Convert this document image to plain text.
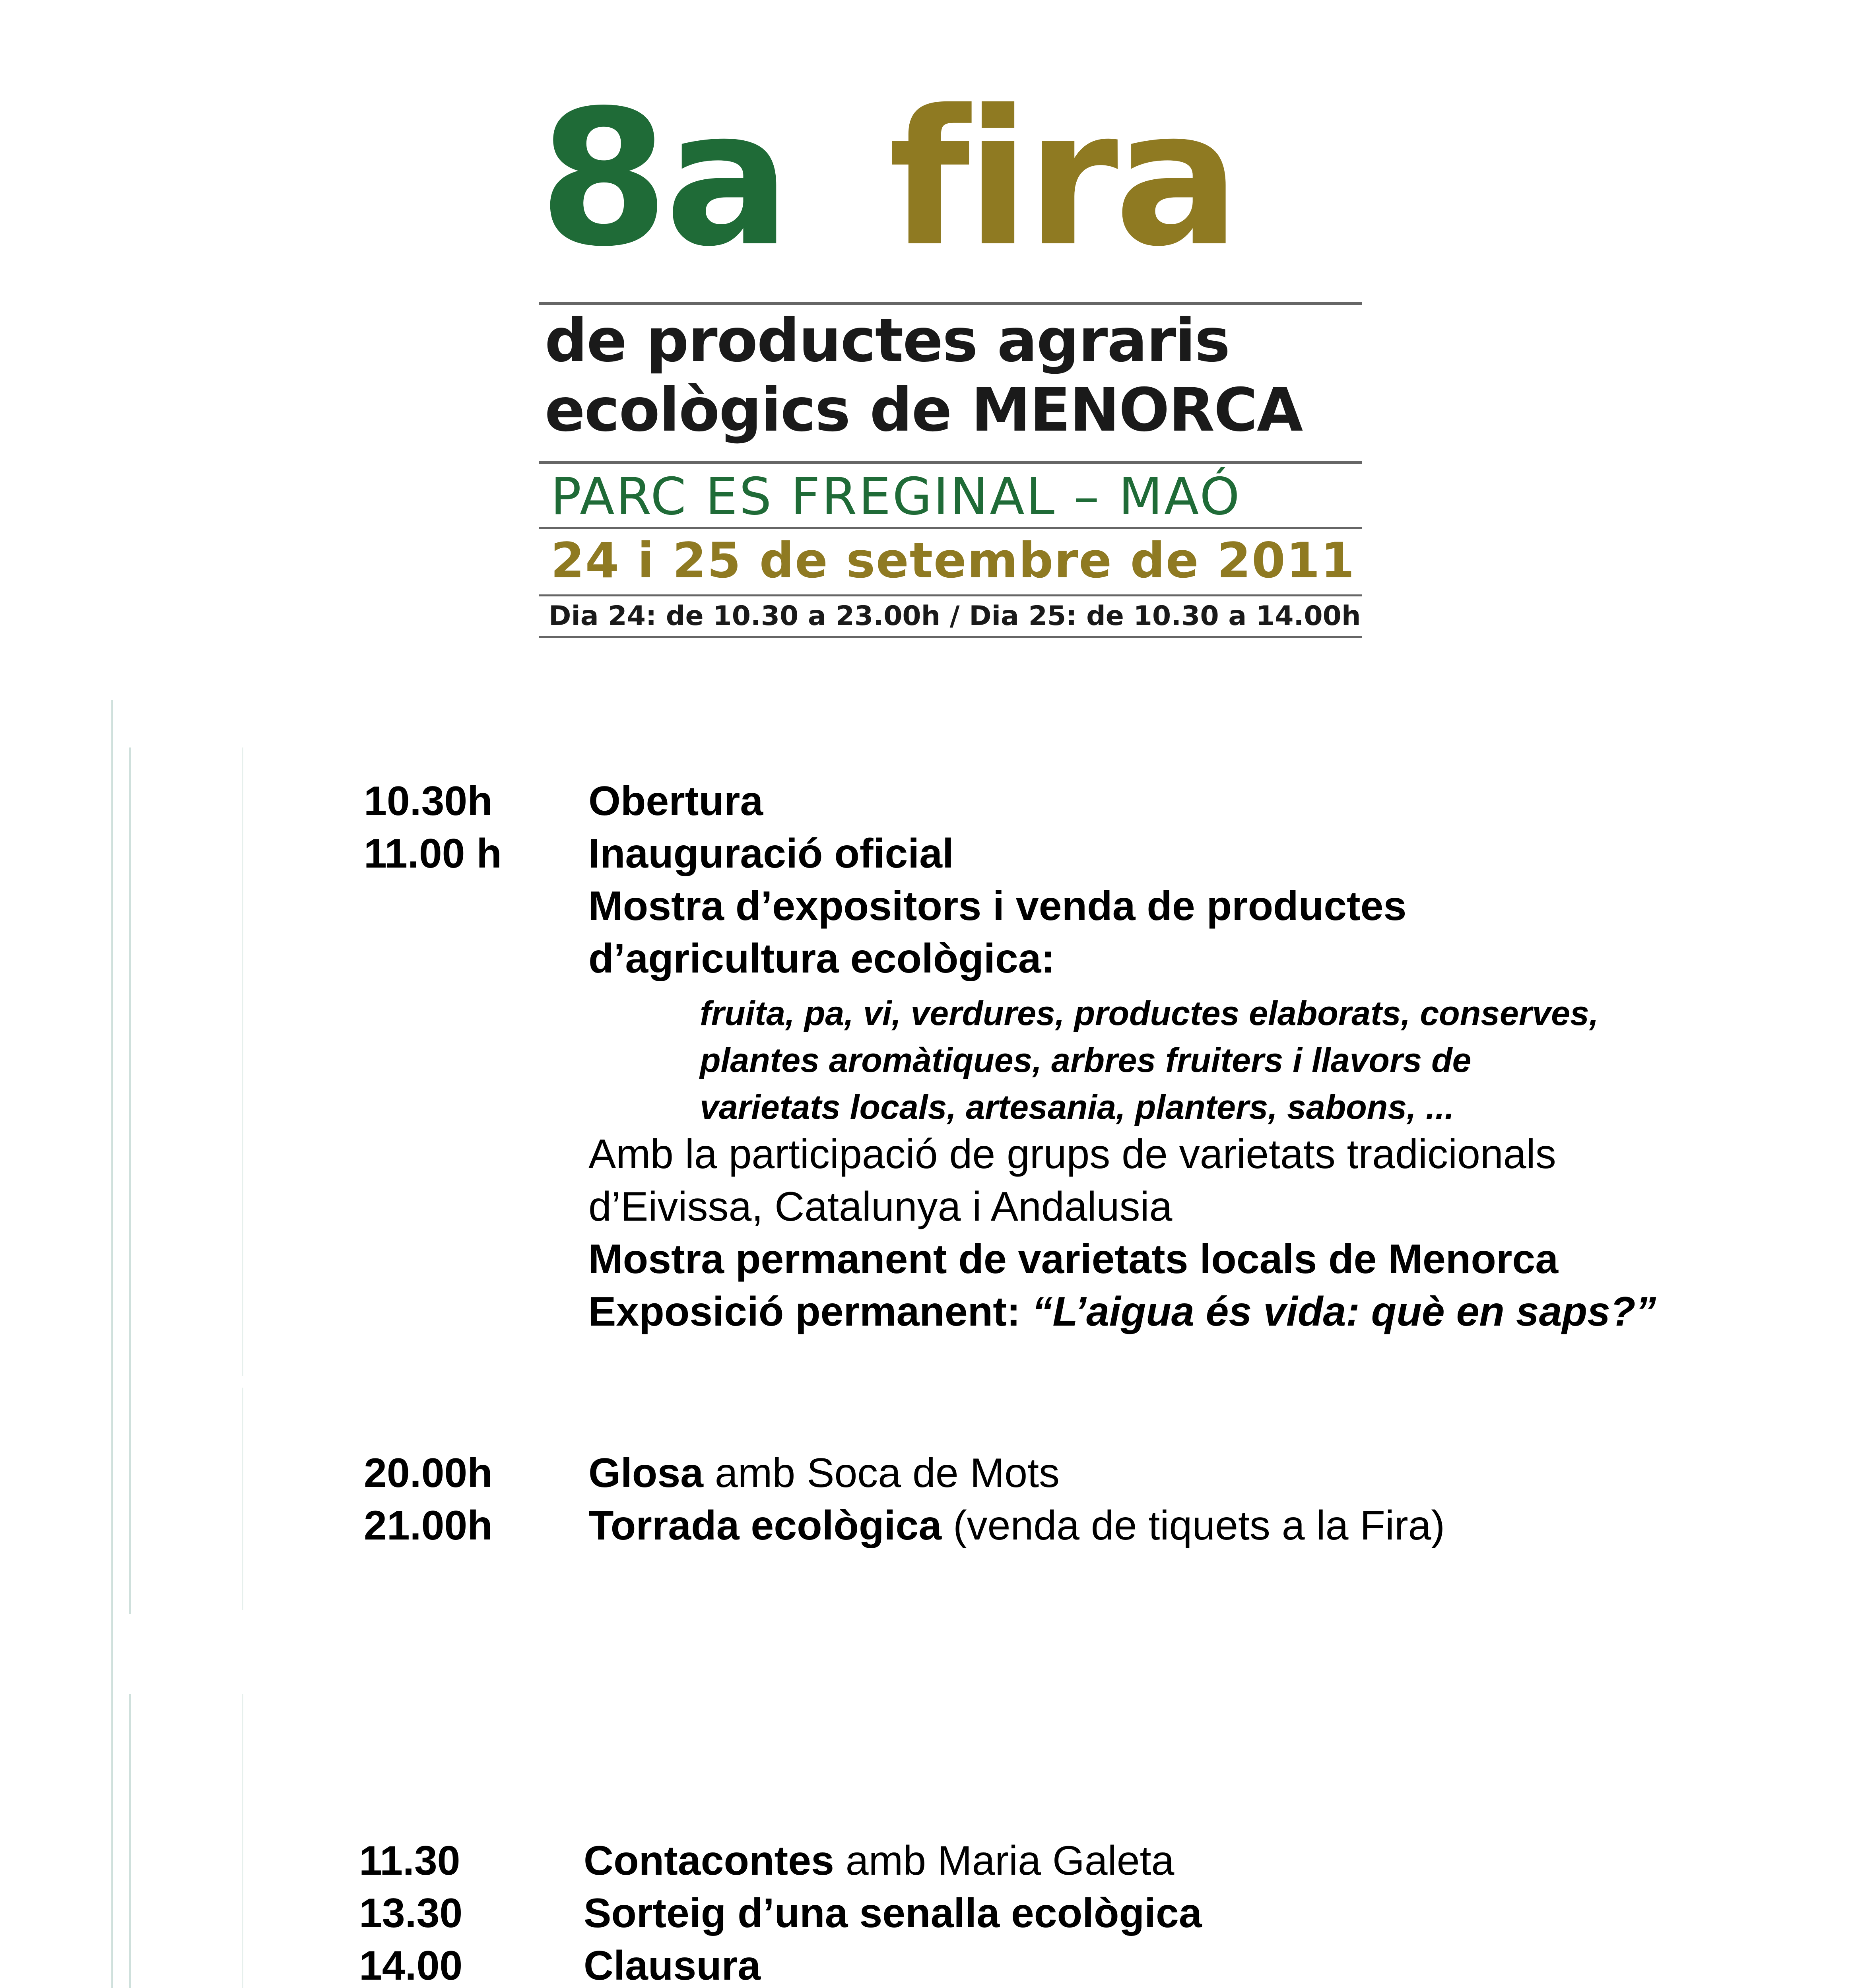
8a fira
de productes agraris
ecològics de MENORCA
PARC ES FREGINAL – MAÓ
24 i 25 de setembre de 2011
Dia 24: de 10.30 a 23.00h / Dia 25: de 10.30 a 14.00h
10.30h Obertura
11.00 h Inauguració oficial
Mostra d’expositors i venda de productes
d’agricultura ecològica:
fruita, pa, vi, verdures, productes elaborats, conserves,
plantes aromàtiques, arbres fruiters i llavors de
varietats locals, artesania, planters, sabons, ...
Amb la participació de grups de varietats tradicionals
d’Eivissa, Catalunya i Andalusia
Mostra permanent de varietats locals de Menorca
Exposició permanent: “L’aigua és vida: què en saps?”
20.00h Glosa amb Soca de Mots
21.00h Torrada ecològica (venda de tiquets a la Fira)
11.30	Contacontes amb Maria Galeta
13.30	Sorteig d’una senalla ecològica
14.00	Clausura
